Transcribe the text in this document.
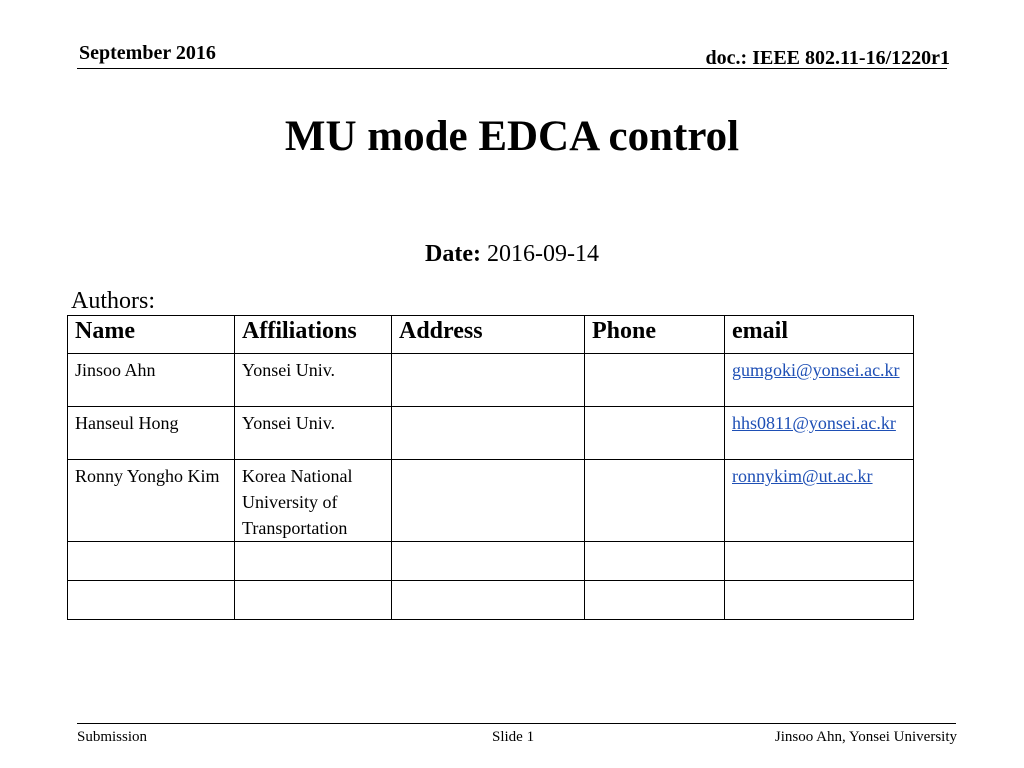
September 2016	doc.: IEEE 802.11-16/1220r1
MU mode EDCA control
Date: 2016-09-14
Authors:
Name	Affiliations	Address	Phone	email
Jinsoo Ahn	Yonsei Univ.			gumgoki@yonsei.ac.kr
Hanseul Hong	Yonsei Univ.			hhs0811@yonsei.ac.kr
Ronny Yongho Kim	Korea National University of Transportation			ronnykim@ut.ac.kr

Submission	Slide 1	Jinsoo Ahn, Yonsei University
